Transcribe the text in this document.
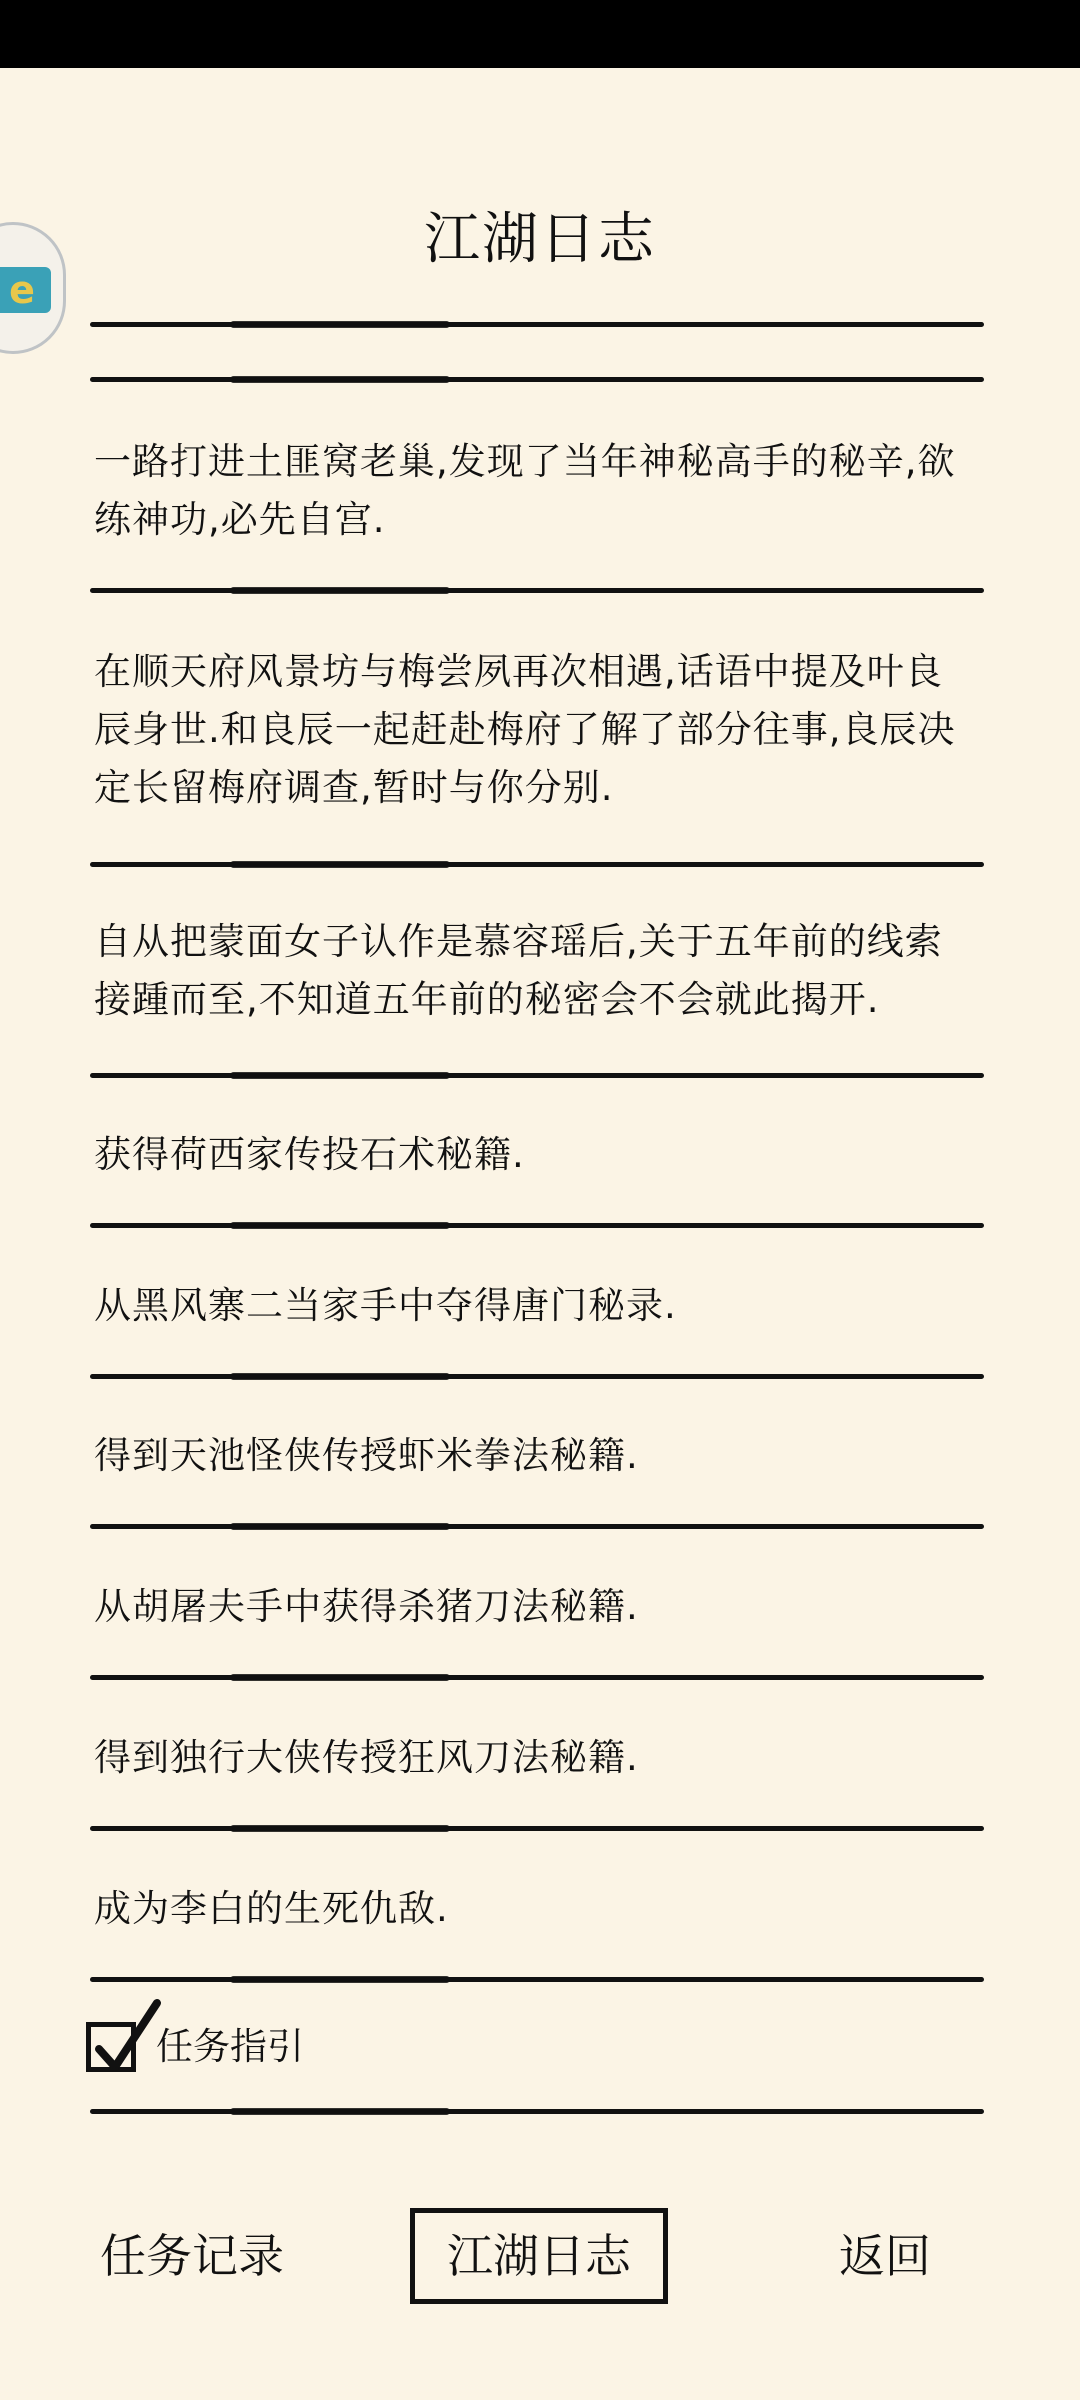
e
江湖日志
一路打进土匪窝老巢,发现了当年神秘高手的秘辛,欲练神功,必先自宫.
在顺天府风景坊与梅尝夙再次相遇,话语中提及叶良辰身世.和良辰一起赶赴梅府了解了部分往事,良辰决定长留梅府调查,暂时与你分别.
自从把蒙面女子认作是慕容瑶后,关于五年前的线索接踵而至,不知道五年前的秘密会不会就此揭开.
获得荷西家传投石术秘籍.
从黑风寨二当家手中夺得唐门秘录.
得到天池怪侠传授虾米拳法秘籍.
从胡屠夫手中获得杀猪刀法秘籍.
得到独行大侠传授狂风刀法秘籍.
成为李白的生死仇敌.
任务指引
任务记录	江湖日志	返回
